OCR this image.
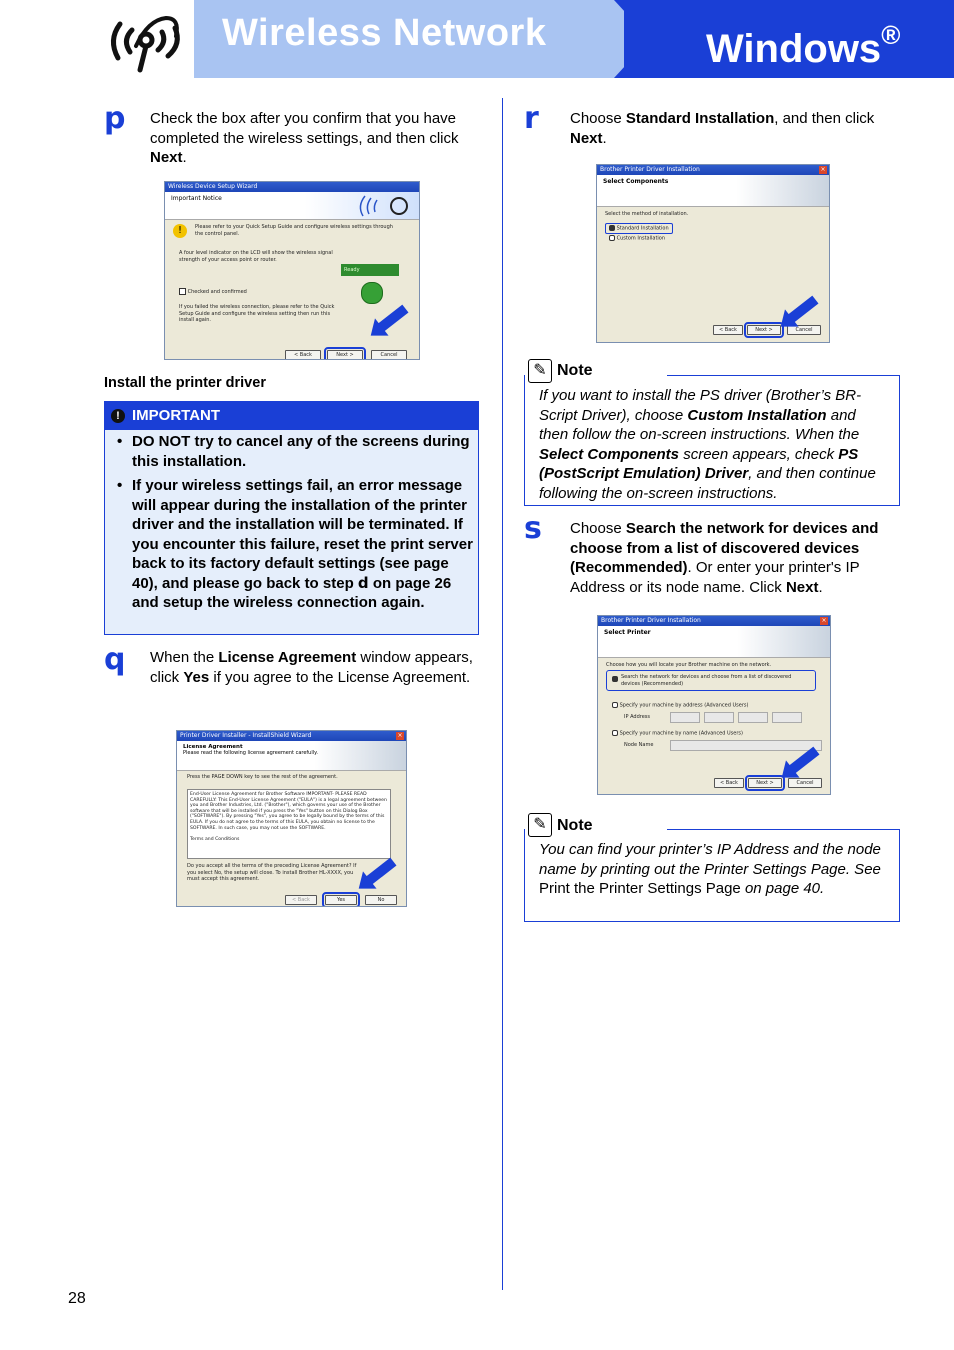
Wireless Network	Windows®
p Check the box after you confirm that you have completed the wireless settings, and then click Next.
Wireless Device Setup Wizard
Important Notice
!	Please refer to your Quick Setup Guide and configure wireless settings through the control panel.
A four level indicator on the LCD will show the wireless signal strength of your access point or router.
Ready
Checked and confirmed
If you failed the wireless connection, please refer to the Quick Setup Guide and configure the wireless setting then run this install again.
< Back	Next >	Cancel
Install the printer driver
! IMPORTANT
• DO NOT try to cancel any of the screens during this installation.
• If your wireless settings fail, an error message will appear during the installation of the printer driver and the installation will be terminated. If you encounter this failure, reset the print server back to its factory default settings (see page 40), and please go back to step d on page 26 and setup the wireless connection again.
q When the License Agreement window appears, click Yes if you agree to the License Agreement.
Printer Driver Installer - InstallShield Wizard	×
License Agreement
Please read the following license agreement carefully.
Press the PAGE DOWN key to see the rest of the agreement.
End-User License Agreement for Brother Software IMPORTANT- PLEASE READ CAREFULLY: This End-User License Agreement ("EULA") is a legal agreement between you and Brother Industries, Ltd. ("Brother"), which governs your use of the Brother software that will be installed if you press the "Yes" button on this Dialog Box ("SOFTWARE"). By pressing "Yes", you agree to be legally bound by the terms of this EULA. If you do not agree to the terms of this EULA, you obtain no license to the SOFTWARE. In such case, you may not use the SOFTWARE.
Terms and Conditions
Do you accept all the terms of the preceding License Agreement? If you select No, the setup will close. To install Brother HL-XXXX, you must accept this agreement.
< Back	Yes	No
r Choose Standard Installation, and then click Next.
Brother Printer Driver Installation	×
Select Components
Select the method of installation.
Standard Installation
Custom Installation
< Back	Next >	Cancel
✎ Note
If you want to install the PS driver (Brother’s BR-Script Driver), choose Custom Installation and then follow the on-screen instructions. When the Select Components screen appears, check PS (PostScript Emulation) Driver, and then continue following the on-screen instructions.
s Choose Search the network for devices and choose from a list of discovered devices (Recommended). Or enter your printer's IP Address or its node name. Click Next.
Brother Printer Driver Installation	×
Select Printer
Choose how you will locate your Brother machine on the network.
Search the network for devices and choose from a list of discovered devices (Recommended)
Specify your machine by address (Advanced Users)
IP Address
Specify your machine by name (Advanced Users)
Node Name
< Back	Next >	Cancel
✎ Note
You can find your printer’s IP Address and the node name by printing out the Printer Settings Page. See Print the Printer Settings Page on page 40.
28
